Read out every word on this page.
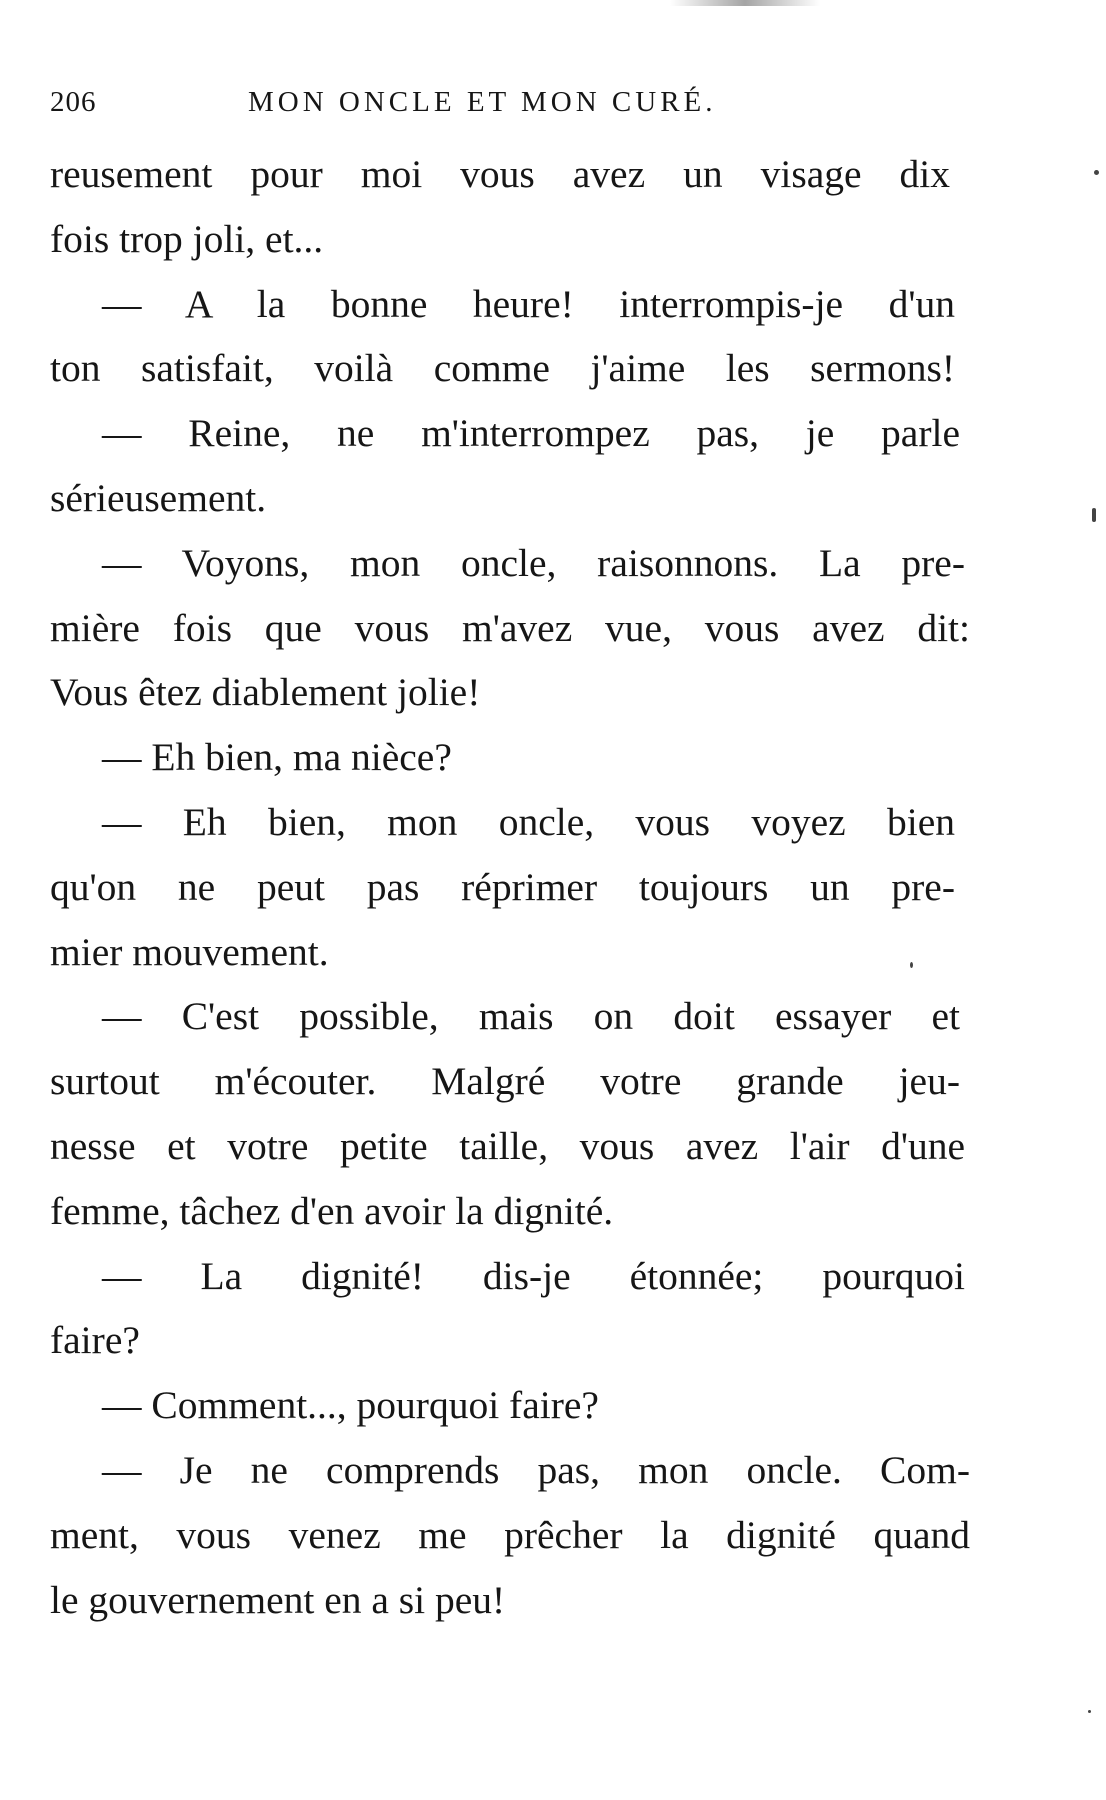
206	MON ONCLE ET MON CURÉ.
reusement pour moi vous avez un visage dix
fois trop joli, et...
— A la bonne heure! interrompis-je d'un
ton satisfait, voilà comme j'aime les sermons!
— Reine, ne m'interrompez pas, je parle
sérieusement.
— Voyons, mon oncle, raisonnons. La pre-
mière fois que vous m'avez vue, vous avez dit:
Vous êtez diablement jolie!
— Eh bien, ma nièce?
— Eh bien, mon oncle, vous voyez bien
qu'on ne peut pas réprimer toujours un pre-
mier mouvement.
— C'est possible, mais on doit essayer et
surtout m'écouter. Malgré votre grande jeu-
nesse et votre petite taille, vous avez l'air d'une
femme, tâchez d'en avoir la dignité.
— La dignité! dis-je étonnée; pourquoi
faire?
— Comment..., pourquoi faire?
— Je ne comprends pas, mon oncle. Com-
ment, vous venez me prêcher la dignité quand
le gouvernement en a si peu!
